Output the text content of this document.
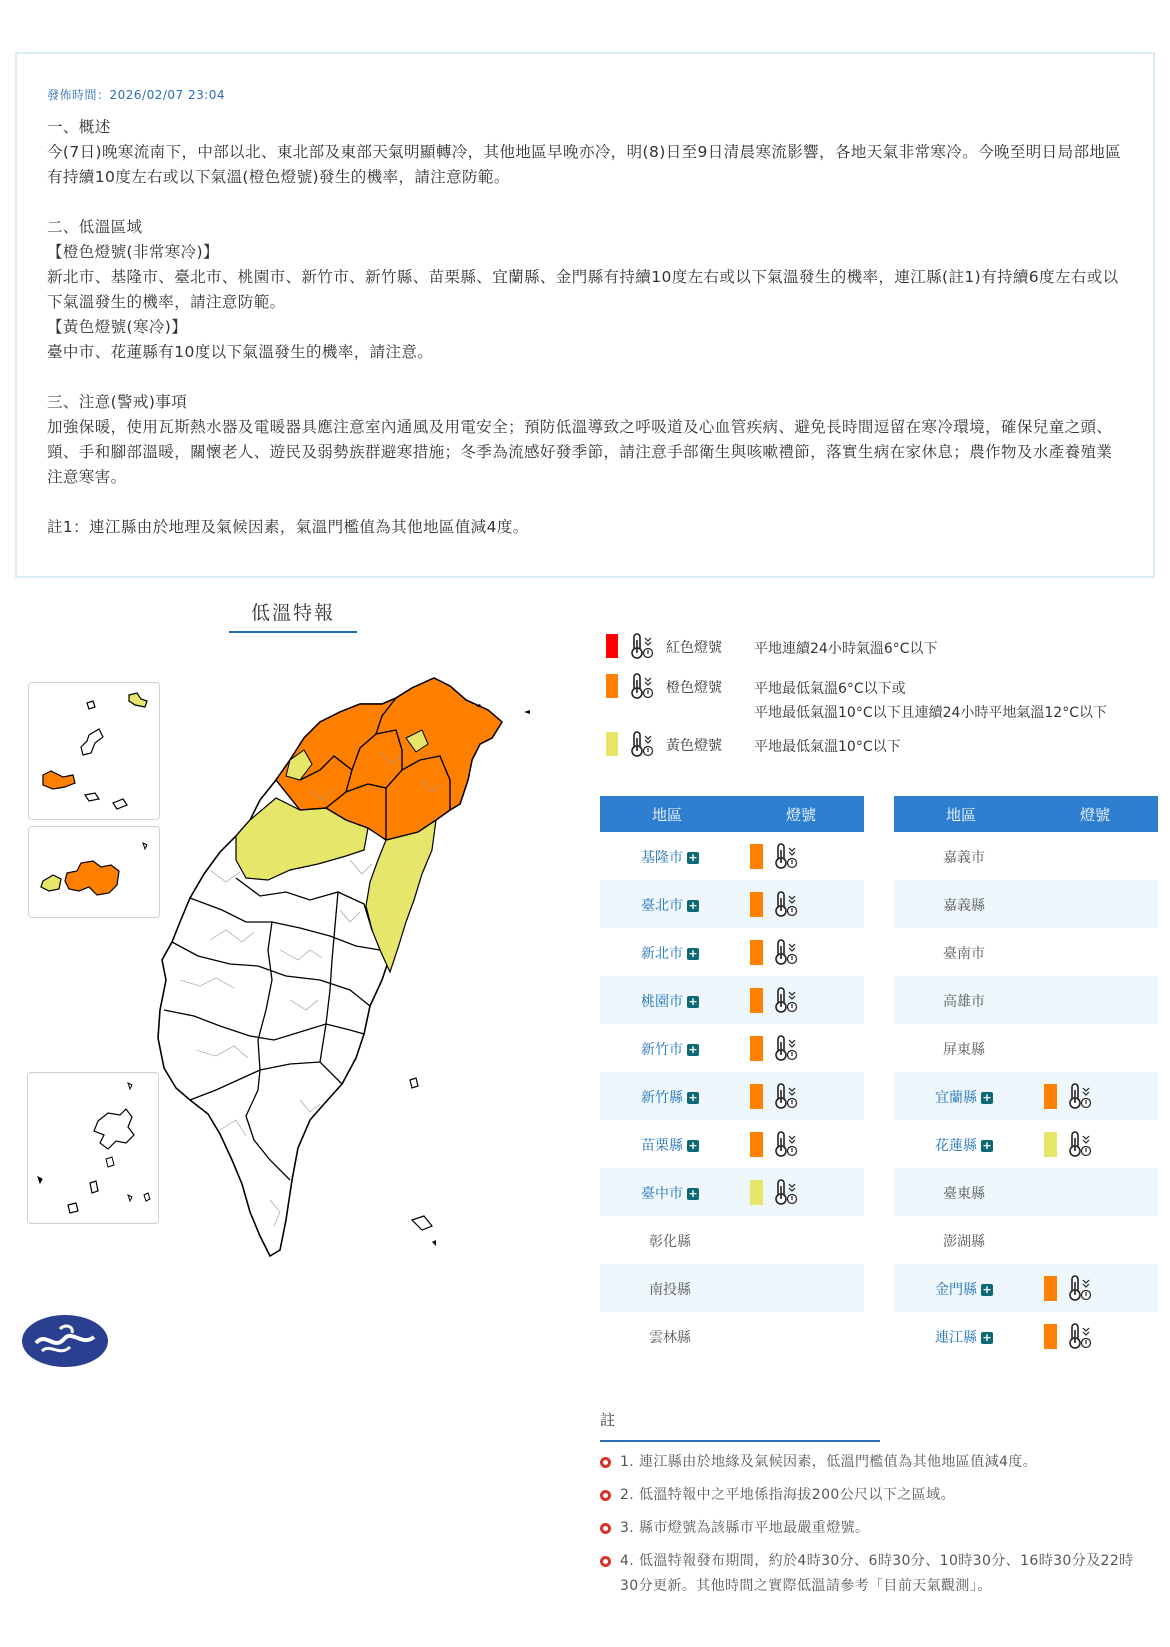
發佈時間：2026/02/07 23:04
一、概述
今(7日)晚寒流南下，中部以北、東北部及東部天氣明顯轉冷，其他地區早晚亦冷，明(8)日至9日清晨寒流影響，各地天氣非常寒冷。今晚至明日局部地區有持續10度左右或以下氣溫(橙色燈號)發生的機率，請注意防範。
二、低溫區域
【橙色燈號(非常寒冷)】
新北市、基隆市、臺北市、桃園市、新竹市、新竹縣、苗栗縣、宜蘭縣、金門縣有持續10度左右或以下氣溫發生的機率，連江縣(註1)有持續6度左右或以下氣溫發生的機率，請注意防範。
【黃色燈號(寒冷)】
臺中市、花蓮縣有10度以下氣溫發生的機率，請注意。
三、注意(警戒)事項
加強保暖，使用瓦斯熱水器及電暖器具應注意室內通風及用電安全；預防低溫導致之呼吸道及心血管疾病、避免長時間逗留在寒冷環境，確保兒童之頭、頸、手和腳部溫暖，關懷老人、遊民及弱勢族群避寒措施；冬季為流感好發季節，請注意手部衛生與咳嗽禮節，落實生病在家休息；農作物及水產養殖業注意寒害。
註1：連江縣由於地理及氣候因素，氣溫門檻值為其他地區值減4度。
低溫特報
紅色燈號 平地連續24小時氣溫6°C以下
橙色燈號 平地最低氣溫6°C以下或
平地最低氣溫10°C以下且連續24小時平地氣溫12°C以下
黃色燈號 平地最低氣溫10°C以下
地區	燈號
基隆市 +
臺北市 +
新北市 +
桃園市 +
新竹市 +
新竹縣 +
苗栗縣 +
臺中市 +
彰化縣
南投縣
雲林縣
地區	燈號
嘉義市
嘉義縣
臺南市
高雄市
屏東縣
宜蘭縣 +
花蓮縣 +
臺東縣
澎湖縣
金門縣 +
連江縣 +
註
1. 連江縣由於地緣及氣候因素，低溫門檻值為其他地區值減4度。
2. 低溫特報中之平地係指海拔200公尺以下之區域。
3. 縣市燈號為該縣市平地最嚴重燈號。
4. 低溫特報發布期間，約於4時30分、6時30分、10時30分、16時30分及22時30分更新。其他時間之實際低溫請參考「目前天氣觀測」。
